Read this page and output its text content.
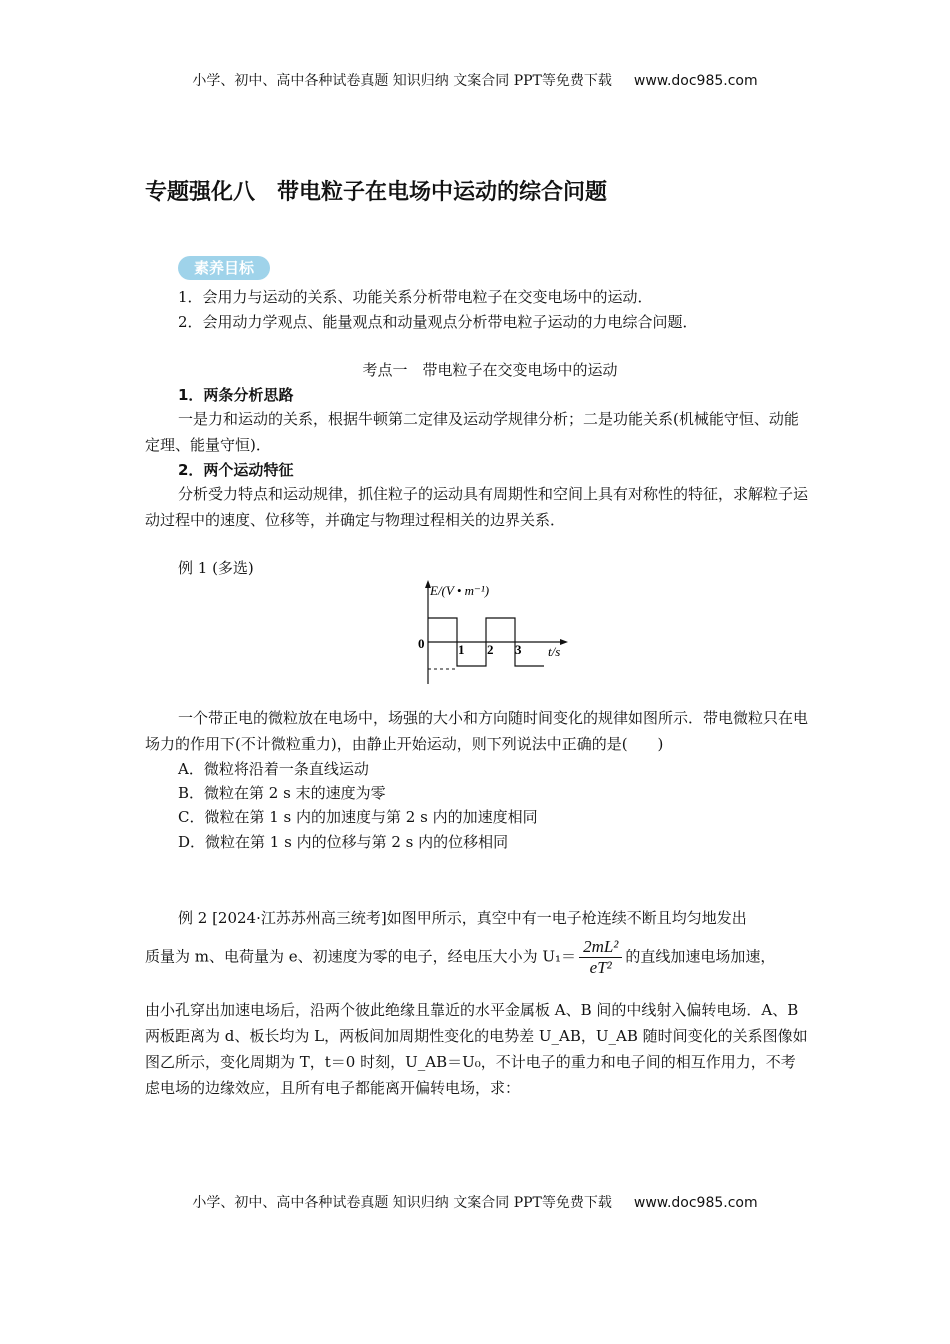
小学、初中、高中各种试卷真题 知识归纳 文案合同 PPT等免费下载 www.doc985.com
专题强化八　带电粒子在电场中运动的综合问题
素养目标
1．会用力与运动的关系、功能关系分析带电粒子在交变电场中的运动．
2．会用动力学观点、能量观点和动量观点分析带电粒子运动的力电综合问题．
考点一　带电粒子在交变电场中的运动
1．两条分析思路
一是力和运动的关系，根据牛顿第二定律及运动学规律分析；二是功能关系(机械能守恒、动能定理、能量守恒)．
2．两个运动特征
分析受力特点和运动规律，抓住粒子的运动具有周期性和空间上具有对称性的特征，求解粒子运动过程中的速度、位移等，并确定与物理过程相关的边界关系．
例 1 (多选)
E/(V • m⁻¹)
0	1 2 3 t/s
一个带正电的微粒放在电场中，场强的大小和方向随时间变化的规律如图所示．带电微粒只在电场力的作用下(不计微粒重力)，由静止开始运动，则下列说法中正确的是(　　)
A．微粒将沿着一条直线运动
B．微粒在第 2 s 末的速度为零
C．微粒在第 1 s 内的加速度与第 2 s 内的加速度相同
D．微粒在第 1 s 内的位移与第 2 s 内的位移相同
例 2 [2024·江苏苏州高三统考]如图甲所示，真空中有一电子枪连续不断且均匀地发出
质量为 m、电荷量为 e、初速度为零的电子，经电压大小为 $U_1= \frac{\text{2mL²}}{\text{eT²}}$ 的直线加速电场加速，
由小孔穿出加速电场后，沿两个彼此绝缘且靠近的水平金属板 A、B 间的中线射入偏转电场．A、B 两板距离为 d、板长均为 L，两板间加周期性变化的电势差 U_AB，U_AB 随时间变化的关系图像如图乙所示，变化周期为 T，t＝0 时刻，U_AB＝U₀，不计电子的重力和电子间的相互作用力，不考虑电场的边缘效应，且所有电子都能离开偏转电场，求：
小学、初中、高中各种试卷真题 知识归纳 文案合同 PPT等免费下载 www.doc985.com
